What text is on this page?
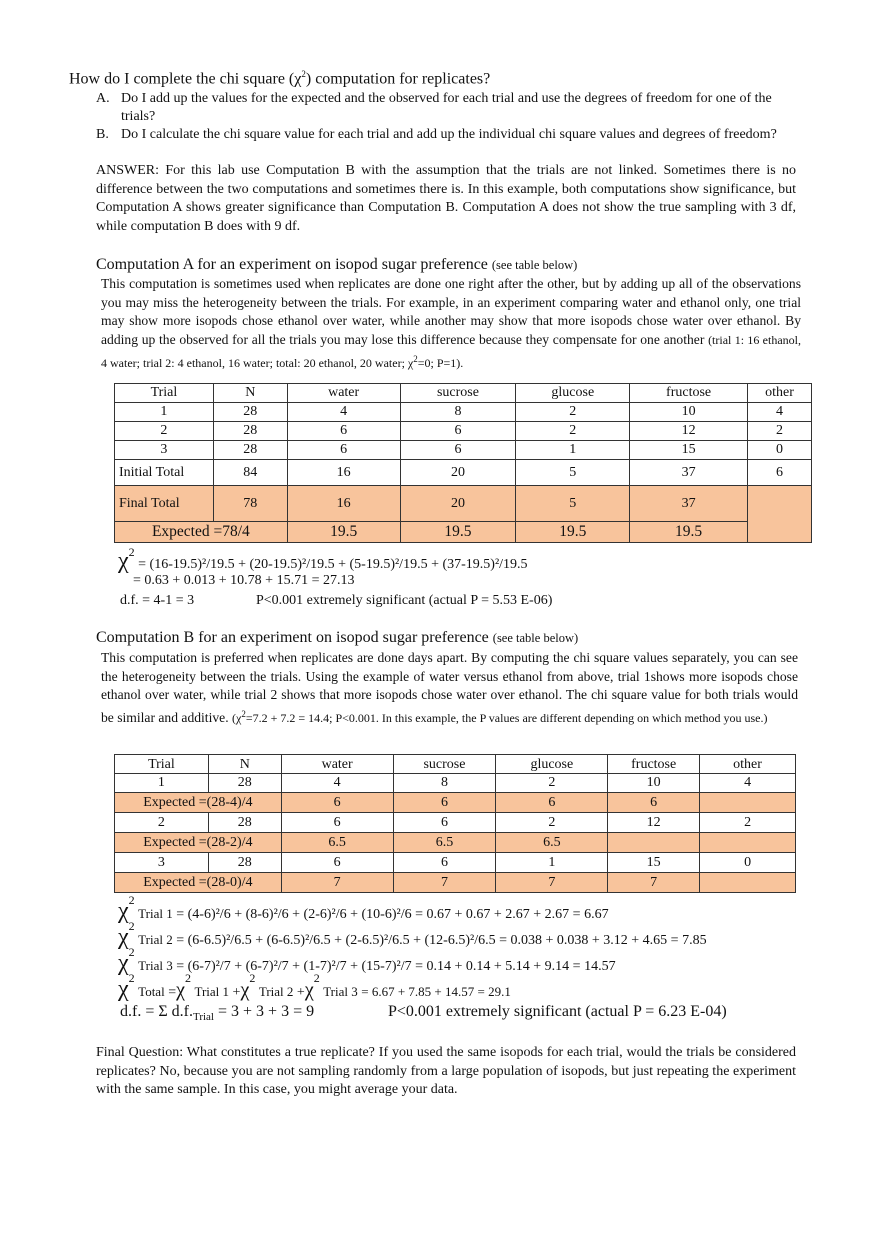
How do I complete the chi square $(\chi^2)$ computation for replicates?
A. Do I add up the values for the expected and the observed for each trial and use the degrees of freedom for one of the trials?
B. Do I calculate the chi square value for each trial and add up the individual chi square values and degrees of freedom?
ANSWER: For this lab use Computation B with the assumption that the trials are not linked. Sometimes there is no difference between the two computations and sometimes there is. In this example, both computations show significance, but Computation A shows greater significance than Computation B. Computation A does not show the true sampling with 3 df, while computation B does with 9 df.
Computation A for an experiment on isopod sugar preference (see table below)
This computation is sometimes used when replicates are done one right after the other, but by adding up all of the observations you may miss the heterogeneity between the trials. For example, in an experiment comparing water and ethanol only, one trial may show more isopods chose ethanol over water, while another may show that more isopods chose water over ethanol. By adding up the observed for all the trials you may lose this difference because they compensate for one another (trial 1: 16 ethanol, 4 water; trial 2: 4 ethanol, 16 water; total: 20 ethanol, 20 water; $\chi^2=0$; P=1).
Trial	N	water	sucrose	glucose	fructose	other
1	28	4	8	2	10	4
2	28	6	6	2	12	2
3	28	6	6	1	15	0
Initial Total	84	16	20	5	37	6
Final Total	78	16	20	5	37	
Expected =78/4		19.5	19.5	19.5	19.5	
$\chi^2 = (16-19.5)^2/19.5 + (20-19.5)^2/19.5 + (5-19.5)^2/19.5 + (37-19.5)^2/19.5$
= 0.63 + 0.013 + 10.78 + 15.71 = 27.13
d.f. = 4-1 = 3	P<0.001 extremely significant (actual P = 5.53 E-06)
Computation B for an experiment on isopod sugar preference (see table below)
This computation is preferred when replicates are done days apart. By computing the chi square values separately, you can see the heterogeneity between the trials. Using the example of water versus ethanol from above, trial 1shows more isopods chose ethanol over water, while trial 2 shows that more isopods chose water over ethanol. The chi square value for both trials would be similar and additive. ($\chi^2=7.2 + 7.2 = 14.4$; P<0.001. In this example, the P values are different depending on which method you use.)
Trial	N	water	sucrose	glucose	fructose	other
1	28	4	8	2	10	4
Expected =(28-4)/4		6	6	6	6	
2	28	6	6	2	12	2
Expected =(28-2)/4		6.5	6.5	6.5		
3	28	6	6	1	15	0
Expected =(28-0)/4		7	7	7	7	
$\chi^2$ Trial 1 = (4-6)²/6 + (8-6)²/6 + (2-6)²/6 + (10-6)²/6 = 0.67 + 0.67 + 2.67 + 2.67 = 6.67
$\chi^2$ Trial 2 = (6-6.5)²/6.5 + (6-6.5)²/6.5 + (2-6.5)²/6.5 + (12-6.5)²/6.5 = 0.038 + 0.038 + 3.12 + 4.65 = 7.85
$\chi^2$ Trial 3 = (6-7)²/7 + (6-7)²/7 + (1-7)²/7 + (15-7)²/7 = 0.14 + 0.14 + 5.14 + 9.14 = 14.57
$\chi^2$ Total $=\chi^2$ Trial $1 +\chi^2$ Trial $2 +\chi^2$ Trial 3 = 6.67 + 7.85 + 14.57 = 29.1
d.f. = Σ $d.f._{Trial} = 3 + 3 + 3 = 9$	P<0.001 extremely significant (actual P = 6.23 E-04)
Final Question: What constitutes a true replicate? If you used the same isopods for each trial, would the trials be considered replicates? No, because you are not sampling randomly from a large population of isopods, but just repeating the experiment with the same sample. In this case, you might average your data.
